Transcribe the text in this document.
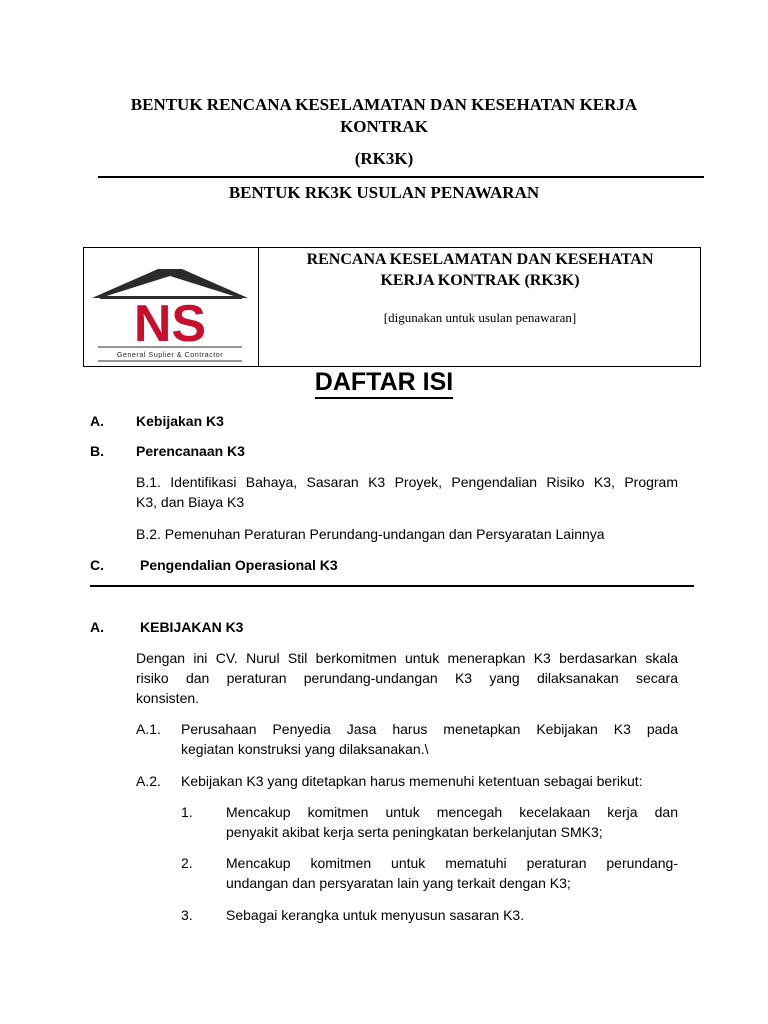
BENTUK RENCANA KESELAMATAN DAN KESEHATAN KERJA
KONTRAK
(RK3K)
BENTUK RK3K USULAN PENAWARAN
NS
General Suplier & Contractor
RENCANA KESELAMATAN DAN KESEHATAN
KERJA KONTRAK (RK3K)
[digunakan untuk usulan penawaran]
DAFTAR ISI
A. Kebijakan K3
B. Perencanaan K3
B.1. Identifikasi Bahaya, Sasaran K3 Proyek, Pengendalian Risiko K3, Program
K3, dan Biaya K3
B.2. Pemenuhan Peraturan Perundang-undangan dan Persyaratan Lainnya
C.	Pengendalian Operasional K3
A.	KEBIJAKAN K3
Dengan ini CV. Nurul Stil berkomitmen untuk menerapkan K3 berdasarkan skala
risiko dan peraturan perundang-undangan K3 yang dilaksanakan secara
konsisten.
A.1. Perusahaan Penyedia Jasa harus menetapkan Kebijakan K3 pada
kegiatan konstruksi yang dilaksanakan.\
A.2. Kebijakan K3 yang ditetapkan harus memenuhi ketentuan sebagai berikut:
1. Mencakup komitmen untuk mencegah kecelakaan kerja dan
penyakit akibat kerja serta peningkatan berkelanjutan SMK3;
2. Mencakup komitmen untuk mematuhi peraturan perundang-
undangan dan persyaratan lain yang terkait dengan K3;
3. Sebagai kerangka untuk menyusun sasaran K3.
